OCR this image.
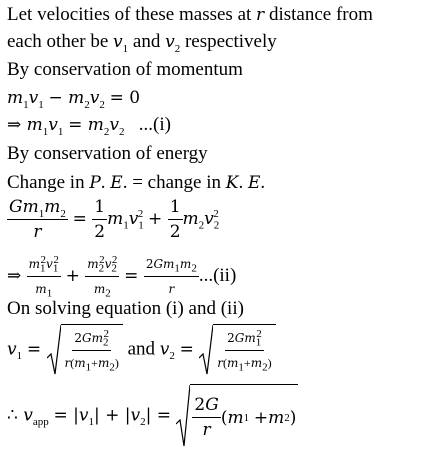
Let velocities of these masses at r distance from
each other be $v_1$ and $v_2$ respectively
By conservation of momentum
$m_1v_1 - m_2v_2 = 0$
⇒ $m_1v_1 = m_2v_2$ ...(i)
By conservation of energy
Change in P. E. = change in K. E.
$\frac{Gm_1m_2}{r} = \frac{1}{2} m_1v_1^2 + \frac{1}{2} m_2v_2^2$
⇒ $\frac{m_1^2v_1^2}{m_1} + \frac{m_2^2v_2^2}{m_2} = \frac{2Gm_1m_2}{r} ...(ii)$
On solving equation (i) and (ii)
$v_1 = \frac{2Gm_2^2}{r(m_1+m_2)}$ and $v_2 = \frac{2Gm_1^2}{r(m_1+m_2)}$
∴ $v_{app} = |v_1| + |v_2| = \frac{2G}{r}$ ( m 1
+ m 2 )
